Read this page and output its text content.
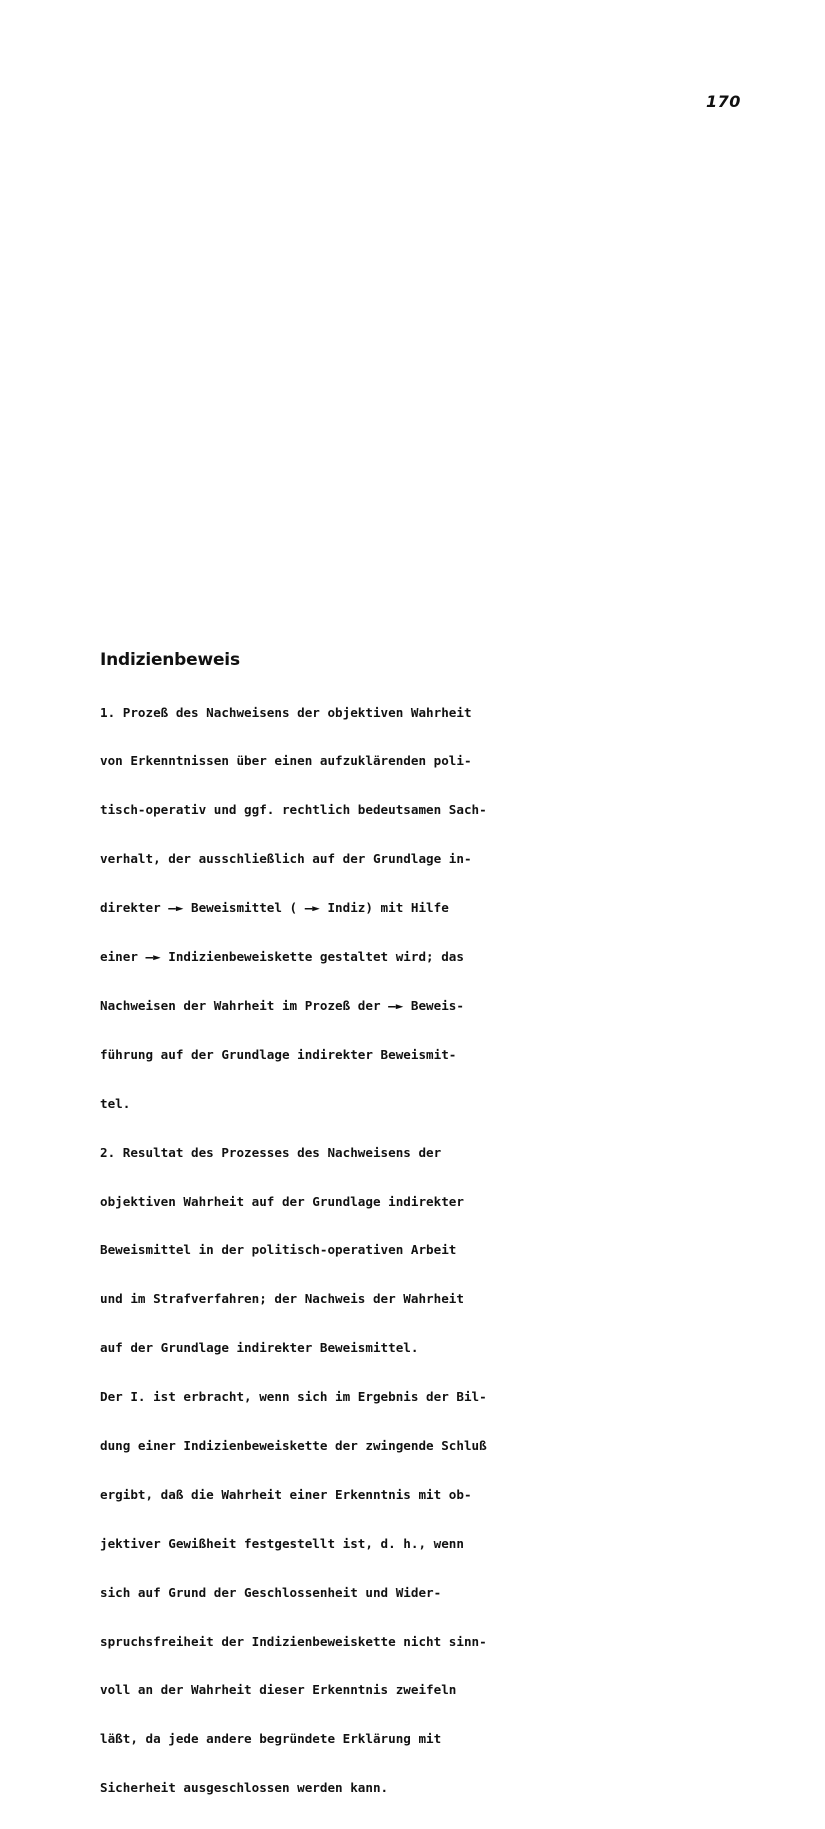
170
Indizienbeweis

1. Prozeß des Nachweisens der objektiven Wahrheit

von Erkenntnissen über einen aufzuklärenden poli-

tisch-operativ und ggf. rechtlich bedeutsamen Sach-

verhalt, der ausschließlich auf der Grundlage in-

direkter —► Beweismittel ( —► Indiz) mit Hilfe

einer —► Indizienbeweiskette gestaltet wird; das

Nachweisen der Wahrheit im Prozeß der —► Beweis-

führung auf der Grundlage indirekter Beweismit-

tel.

2. Resultat des Prozesses des Nachweisens der

objektiven Wahrheit auf der Grundlage indirekter

Beweismittel in der politisch-operativen Arbeit

und im Strafverfahren; der Nachweis der Wahrheit

auf der Grundlage indirekter Beweismittel.

Der I. ist erbracht, wenn sich im Ergebnis der Bil-

dung einer Indizienbeweiskette der zwingende Schluß

ergibt, daß die Wahrheit einer Erkenntnis mit ob-

jektiver Gewißheit festgestellt ist, d. h., wenn

sich auf Grund der Geschlossenheit und Wider-

spruchsfreiheit der Indizienbeweiskette nicht sinn-

voll an der Wahrheit dieser Erkenntnis zweifeln

läßt, da jede andere begründete Erklärung mit

Sicherheit ausgeschlossen werden kann.
